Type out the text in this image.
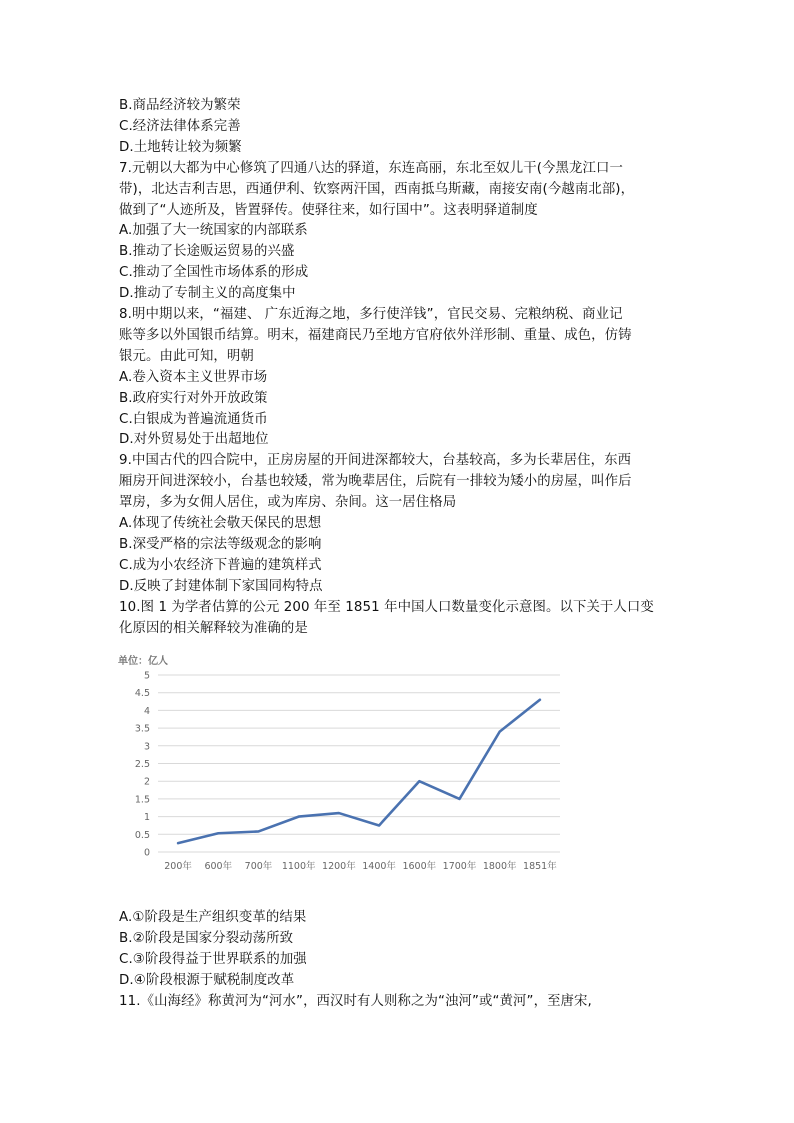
B.商品经济较为繁荣
C.经济法律体系完善
D.土地转让较为频繁
7.元朝以大都为中心修筑了四通八达的驿道，东连高丽，东北至奴儿干(今黑龙江口一
带)，北达吉利吉思，西通伊利、钦察两汗国，西南抵乌斯藏，南接安南(今越南北部)，
做到了“人迹所及，皆置驿传。使驿往来，如行国中”。这表明驿道制度
A.加强了大一统国家的内部联系
B.推动了长途贩运贸易的兴盛
C.推动了全国性市场体系的形成
D.推动了专制主义的高度集中
8.明中期以来，“福建、 广东近海之地，多行使洋钱”，官民交易、完粮纳税、商业记
账等多以外国银币结算。明末，福建商民乃至地方官府依外洋形制、重量、成色，仿铸
银元。由此可知，明朝
A.卷入资本主义世界市场
B.政府实行对外开放政策
C.白银成为普遍流通货币
D.对外贸易处于出超地位
9.中国古代的四合院中，正房房屋的开间进深都较大，台基较高，多为长辈居住，东西
厢房开间进深较小，台基也较矮，常为晚辈居住，后院有一排较为矮小的房屋，叫作后
罩房，多为女佣人居住，或为库房、杂间。这一居住格局
A.体现了传统社会敬天保民的思想
B.深受严格的宗法等级观念的影响
C.成为小农经济下普遍的建筑样式
D.反映了封建体制下家国同构特点
10.图 1 为学者估算的公元 200 年至 1851 年中国人口数量变化示意图。以下关于人口变
化原因的相关解释较为准确的是
单位：亿人
0
0.5
1
1.5
2
2.5
3
3.5
4
4.5
5
200年 600年 700年 1100年 1200年 1400年 1600年 1700年 1800年 1851年
A.①阶段是生产组织变革的结果
B.②阶段是国家分裂动荡所致
C.③阶段得益于世界联系的加强
D.④阶段根源于赋税制度改革
11.《山海经》称黄河为“河水”，西汉时有人则称之为“浊河”或“黄河”，至唐宋,
